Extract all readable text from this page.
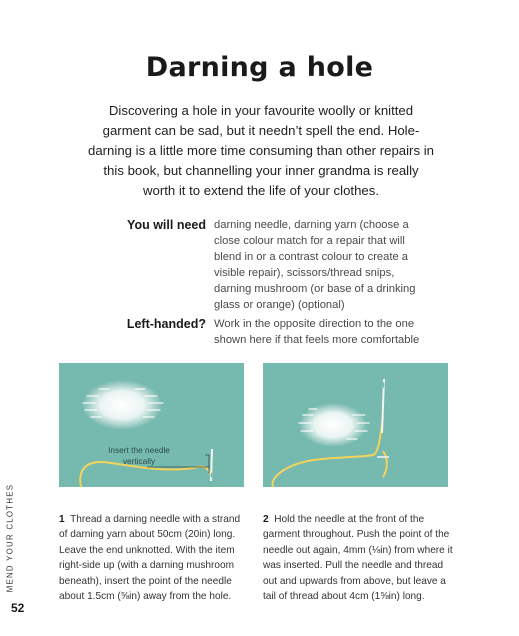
Darning a hole
Discovering a hole in your favourite woolly or knitted garment can be sad, but it needn’t spell the end. Hole-darning is a little more time consuming than other repairs in this book, but channelling your inner grandma is really worth it to extend the life of your clothes.
You will need darning needle, darning yarn (choose a close colour match for a repair that will blend in or a contrast colour to create a visible repair), scissors/thread snips, darning mushroom (or base of a drinking glass or orange) (optional)
Left-handed? Work in the opposite direction to the one shown here if that feels more comfortable
Insert the needle vertically
1 Thread a darning needle with a strand of darning yarn about 50cm (20in) long. Leave the end unknotted. With the item right-side up (with a darning mushroom beneath), insert the point of the needle about 1.5cm (⅝in) away from the hole.
2 Hold the needle at the front of the garment throughout. Push the point of the needle out again, 4mm (⅛in) from where it was inserted. Pull the needle and thread out and upwards from above, but leave a tail of thread about 4cm (1⅝in) long.
MEND YOUR CLOTHES
52
